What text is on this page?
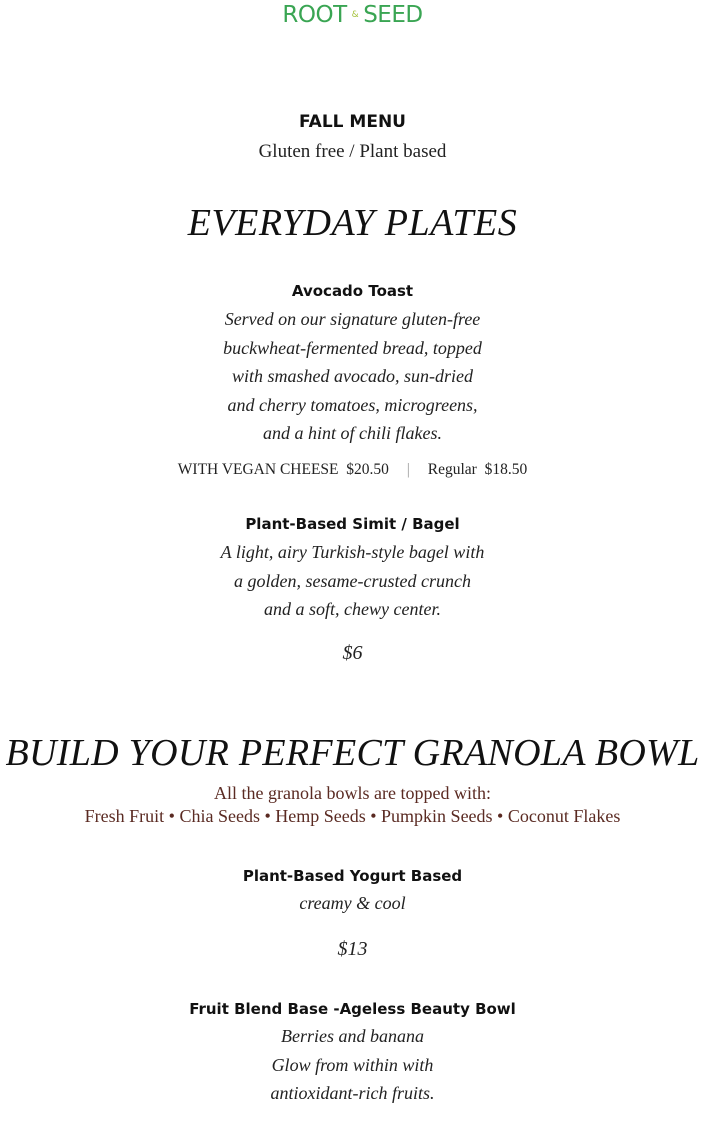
ROOT & SEED
FALL MENU
Gluten free / Plant based
EVERYDAY PLATES
Avocado Toast
Served on our signature gluten-free
buckwheat-fermented bread, topped
with smashed avocado, sun-dried
and cherry tomatoes, microgreens,
and a hint of chili flakes.
WITH VEGAN CHEESE $20.50 | Regular $18.50
Plant-Based Simit / Bagel
A light, airy Turkish-style bagel with
a golden, sesame-crusted crunch
and a soft, chewy center.
$6
BUILD YOUR PERFECT GRANOLA BOWL
All the granola bowls are topped with:
Fresh Fruit • Chia Seeds • Hemp Seeds • Pumpkin Seeds • Coconut Flakes
Plant-Based Yogurt Based
creamy & cool
$13
Fruit Blend Base -Ageless Beauty Bowl
Berries and banana
Glow from within with
antioxidant-rich fruits.
